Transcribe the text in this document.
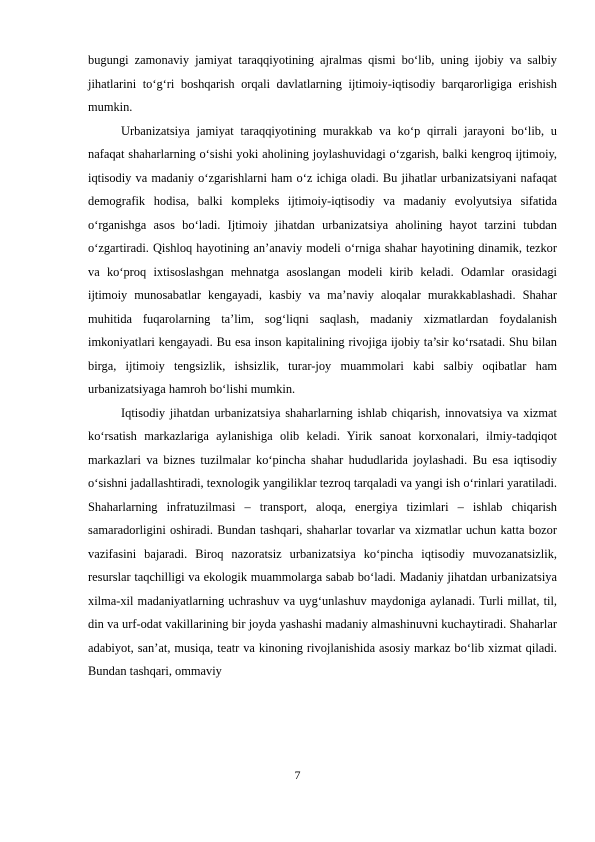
bugungi zamonaviy jamiyat taraqqiyotining ajralmas qismi bo‘lib, uning ijobiy va salbiy jihatlarini to‘g‘ri boshqarish orqali davlatlarning ijtimoiy-iqtisodiy barqarorligiga erishish mumkin.

Urbanizatsiya jamiyat taraqqiyotining murakkab va ko‘p qirrali jarayoni bo‘lib, u nafaqat shaharlarning o‘sishi yoki aholining joylashuvidagi o‘zgarish, balki kengroq ijtimoiy, iqtisodiy va madaniy o‘zgarishlarni ham o‘z ichiga oladi. Bu jihatlar urbanizatsiyani nafaqat demografik hodisa, balki kompleks ijtimoiy-iqtisodiy va madaniy evolyutsiya sifatida o‘rganishga asos bo‘ladi. Ijtimoiy jihatdan urbanizatsiya aholining hayot tarzini tubdan o‘zgartiradi. Qishloq hayotining an’anaviy modeli o‘rniga shahar hayotining dinamik, tezkor va ko‘proq ixtisoslashgan mehnatga asoslangan modeli kirib keladi. Odamlar orasidagi ijtimoiy munosabatlar kengayadi, kasbiy va ma’naviy aloqalar murakkablashadi. Shahar muhitida fuqarolarning ta’lim, sog‘liqni saqlash, madaniy xizmatlardan foydalanish imkoniyatlari kengayadi. Bu esa inson kapitalining rivojiga ijobiy ta’sir ko‘rsatadi. Shu bilan birga, ijtimoiy tengsizlik, ishsizlik, turar-joy muammolari kabi salbiy oqibatlar ham urbanizatsiyaga hamroh bo‘lishi mumkin.

Iqtisodiy jihatdan urbanizatsiya shaharlarning ishlab chiqarish, innovatsiya va xizmat ko‘rsatish markazlariga aylanishiga olib keladi. Yirik sanoat korxonalari, ilmiy-tadqiqot markazlari va biznes tuzilmalar ko‘pincha shahar hududlarida joylashadi. Bu esa iqtisodiy o‘sishni jadallashtiradi, texnologik yangiliklar tezroq tarqaladi va yangi ish o‘rinlari yaratiladi. Shaharlarning infratuzilmasi – transport, aloqa, energiya tizimlari – ishlab chiqarish samaradorligini oshiradi. Bundan tashqari, shaharlar tovarlar va xizmatlar uchun katta bozor vazifasini bajaradi. Biroq nazoratsiz urbanizatsiya ko‘pincha iqtisodiy muvozanatsizlik, resurslar taqchilligi va ekologik muammolarga sabab bo‘ladi. Madaniy jihatdan urbanizatsiya xilma-xil madaniyatlarning uchrashuv va uyg‘unlashuv maydoniga aylanadi. Turli millat, til, din va urf-odat vakillarining bir joyda yashashi madaniy almashinuvni kuchaytiradi. Shaharlar adabiyot, san’at, musiqa, teatr va kinoning rivojlanishida asosiy markaz bo‘lib xizmat qiladi. Bundan tashqari, ommaviy

7
